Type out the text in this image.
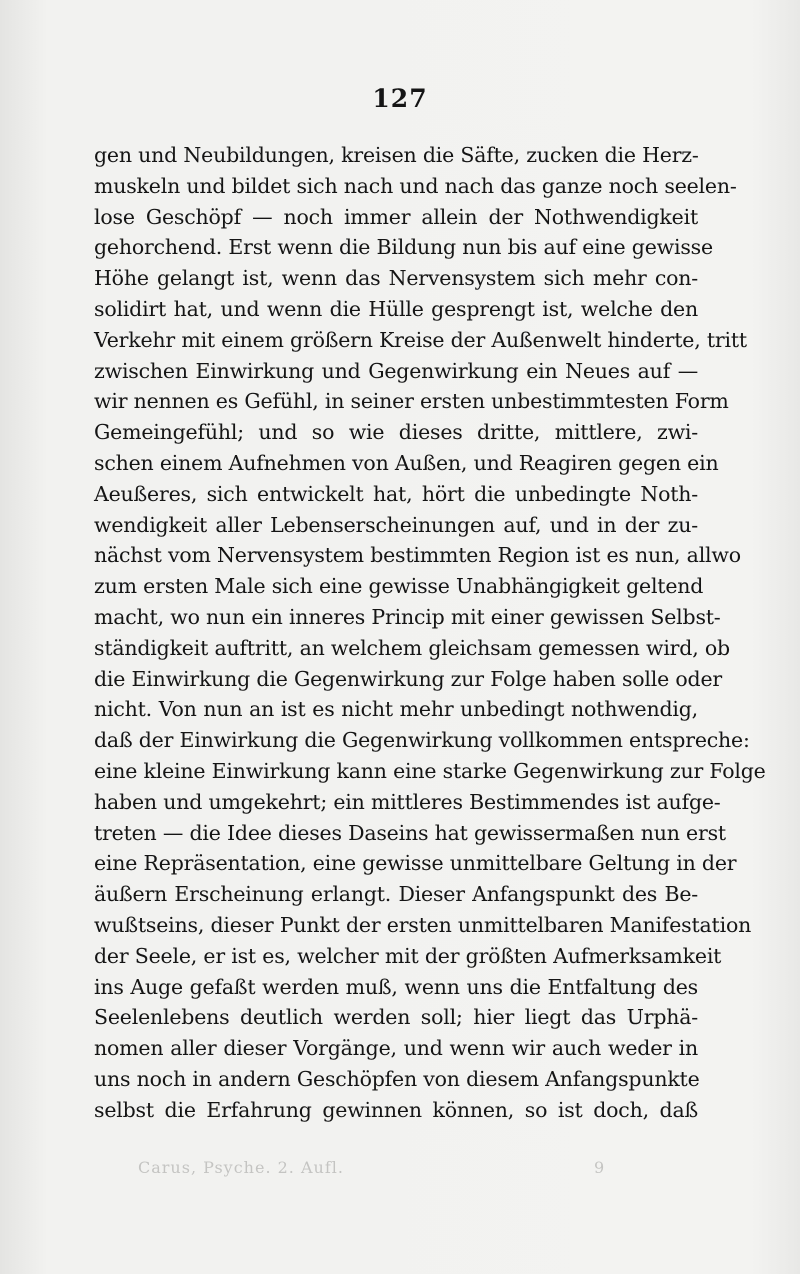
127
gen und Neubildungen, kreisen die Säfte, zucken die Herz-
muskeln und bildet sich nach und nach das ganze noch seelen-
lose Geschöpf — noch immer allein der Nothwendigkeit
gehorchend. Erst wenn die Bildung nun bis auf eine gewisse
Höhe gelangt ist, wenn das Nervensystem sich mehr con-
solidirt hat, und wenn die Hülle gesprengt ist, welche den
Verkehr mit einem größern Kreise der Außenwelt hinderte, tritt
zwischen Einwirkung und Gegenwirkung ein Neues auf —
wir nennen es Gefühl, in seiner ersten unbestimmtesten Form
Gemeingefühl; und so wie dieses dritte, mittlere, zwi-
schen einem Aufnehmen von Außen, und Reagiren gegen ein
Aeußeres, sich entwickelt hat, hört die unbedingte Noth-
wendigkeit aller Lebenserscheinungen auf, und in der zu-
nächst vom Nervensystem bestimmten Region ist es nun, allwo
zum ersten Male sich eine gewisse Unabhängigkeit geltend
macht, wo nun ein inneres Princip mit einer gewissen Selbst-
ständigkeit auftritt, an welchem gleichsam gemessen wird, ob
die Einwirkung die Gegenwirkung zur Folge haben solle oder
nicht. Von nun an ist es nicht mehr unbedingt nothwendig,
daß der Einwirkung die Gegenwirkung vollkommen entspreche:
eine kleine Einwirkung kann eine starke Gegenwirkung zur Folge
haben und umgekehrt; ein mittleres Bestimmendes ist aufge-
treten — die Idee dieses Daseins hat gewissermaßen nun erst
eine Repräsentation, eine gewisse unmittelbare Geltung in der
äußern Erscheinung erlangt. Dieser Anfangspunkt des Be-
wußtseins, dieser Punkt der ersten unmittelbaren Manifestation
der Seele, er ist es, welcher mit der größten Aufmerksamkeit
ins Auge gefaßt werden muß, wenn uns die Entfaltung des
Seelenlebens deutlich werden soll; hier liegt das Urphä-
nomen aller dieser Vorgänge, und wenn wir auch weder in
uns noch in andern Geschöpfen von diesem Anfangspunkte
selbst die Erfahrung gewinnen können, so ist doch, daß
Carus, Psyche. 2. Aufl.	9
